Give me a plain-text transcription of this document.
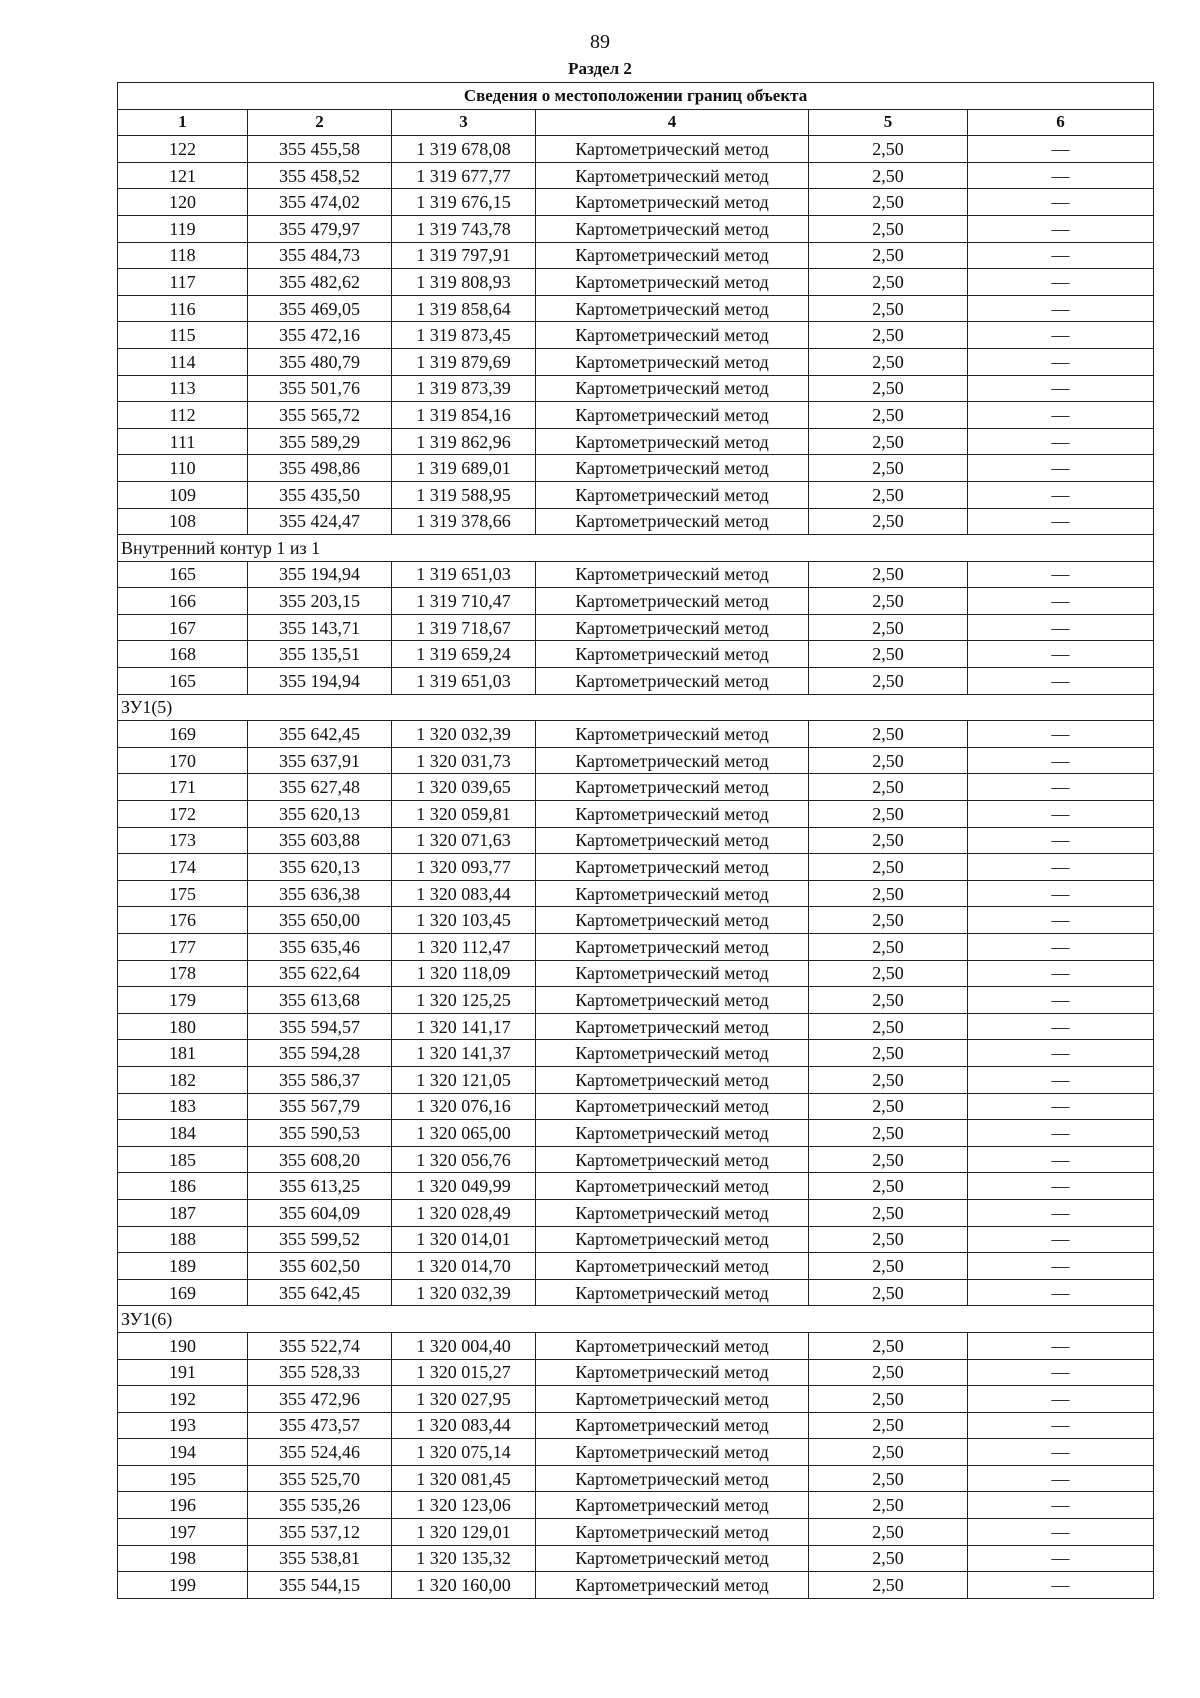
89
Раздел 2
Сведения о местоположении границ объекта					
1	2	3	4	5	6
122	355 455,58	1 319 678,08	Картометрический метод	2,50	—
121	355 458,52	1 319 677,77	Картометрический метод	2,50	—
120	355 474,02	1 319 676,15	Картометрический метод	2,50	—
119	355 479,97	1 319 743,78	Картометрический метод	2,50	—
118	355 484,73	1 319 797,91	Картометрический метод	2,50	—
117	355 482,62	1 319 808,93	Картометрический метод	2,50	—
116	355 469,05	1 319 858,64	Картометрический метод	2,50	—
115	355 472,16	1 319 873,45	Картометрический метод	2,50	—
114	355 480,79	1 319 879,69	Картометрический метод	2,50	—
113	355 501,76	1 319 873,39	Картометрический метод	2,50	—
112	355 565,72	1 319 854,16	Картометрический метод	2,50	—
111	355 589,29	1 319 862,96	Картометрический метод	2,50	—
110	355 498,86	1 319 689,01	Картометрический метод	2,50	—
109	355 435,50	1 319 588,95	Картометрический метод	2,50	—
108	355 424,47	1 319 378,66	Картометрический метод	2,50	—
Внутренний контур 1 из 1					
165	355 194,94	1 319 651,03	Картометрический метод	2,50	—
166	355 203,15	1 319 710,47	Картометрический метод	2,50	—
167	355 143,71	1 319 718,67	Картометрический метод	2,50	—
168	355 135,51	1 319 659,24	Картометрический метод	2,50	—
165	355 194,94	1 319 651,03	Картометрический метод	2,50	—
ЗУ1(5)					
169	355 642,45	1 320 032,39	Картометрический метод	2,50	—
170	355 637,91	1 320 031,73	Картометрический метод	2,50	—
171	355 627,48	1 320 039,65	Картометрический метод	2,50	—
172	355 620,13	1 320 059,81	Картометрический метод	2,50	—
173	355 603,88	1 320 071,63	Картометрический метод	2,50	—
174	355 620,13	1 320 093,77	Картометрический метод	2,50	—
175	355 636,38	1 320 083,44	Картометрический метод	2,50	—
176	355 650,00	1 320 103,45	Картометрический метод	2,50	—
177	355 635,46	1 320 112,47	Картометрический метод	2,50	—
178	355 622,64	1 320 118,09	Картометрический метод	2,50	—
179	355 613,68	1 320 125,25	Картометрический метод	2,50	—
180	355 594,57	1 320 141,17	Картометрический метод	2,50	—
181	355 594,28	1 320 141,37	Картометрический метод	2,50	—
182	355 586,37	1 320 121,05	Картометрический метод	2,50	—
183	355 567,79	1 320 076,16	Картометрический метод	2,50	—
184	355 590,53	1 320 065,00	Картометрический метод	2,50	—
185	355 608,20	1 320 056,76	Картометрический метод	2,50	—
186	355 613,25	1 320 049,99	Картометрический метод	2,50	—
187	355 604,09	1 320 028,49	Картометрический метод	2,50	—
188	355 599,52	1 320 014,01	Картометрический метод	2,50	—
189	355 602,50	1 320 014,70	Картометрический метод	2,50	—
169	355 642,45	1 320 032,39	Картометрический метод	2,50	—
ЗУ1(6)					
190	355 522,74	1 320 004,40	Картометрический метод	2,50	—
191	355 528,33	1 320 015,27	Картометрический метод	2,50	—
192	355 472,96	1 320 027,95	Картометрический метод	2,50	—
193	355 473,57	1 320 083,44	Картометрический метод	2,50	—
194	355 524,46	1 320 075,14	Картометрический метод	2,50	—
195	355 525,70	1 320 081,45	Картометрический метод	2,50	—
196	355 535,26	1 320 123,06	Картометрический метод	2,50	—
197	355 537,12	1 320 129,01	Картометрический метод	2,50	—
198	355 538,81	1 320 135,32	Картометрический метод	2,50	—
199	355 544,15	1 320 160,00	Картометрический метод	2,50	—
